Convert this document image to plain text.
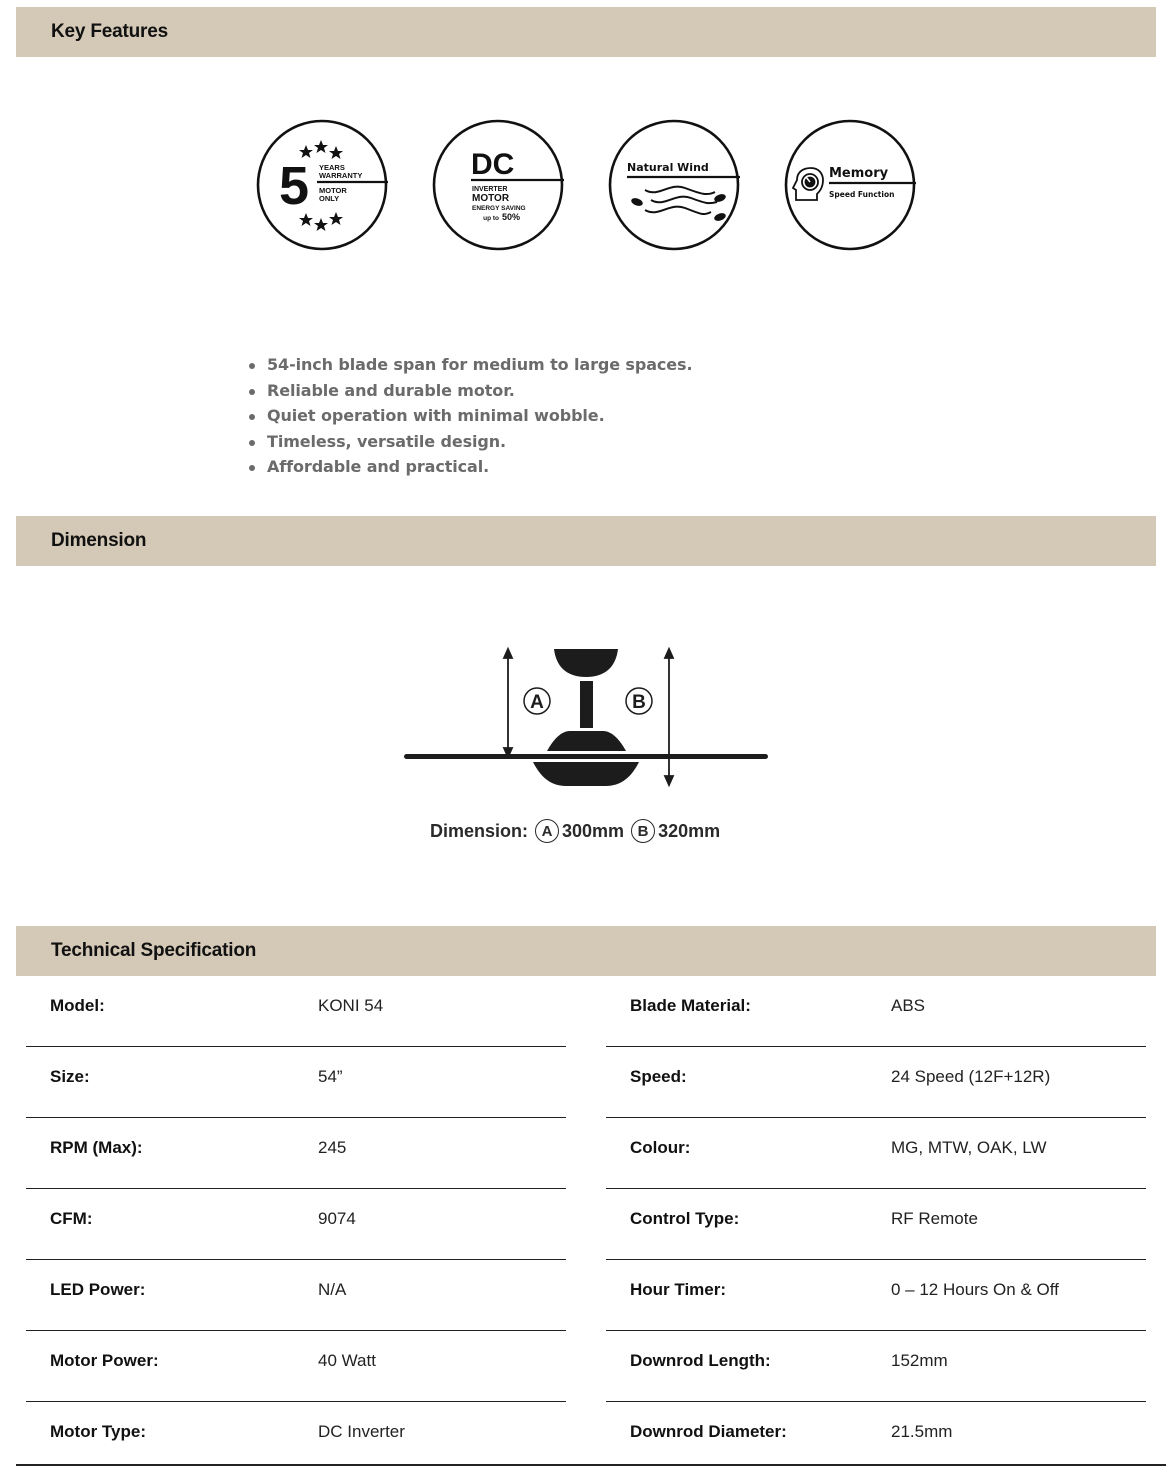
Key Features
5 YEARS
WARRANTY
MOTOR
ONLY
DC
INVERTER
MOTOR
ENERGY SAVING
up to 50%
Natural Wind	Memory
Speed Function
54-inch blade span for medium to large spaces.
Reliable and durable motor.
Quiet operation with minimal wobble.
Timeless, versatile design.
Affordable and practical.
Dimension
A	B
Dimension: A 300mm B 320mm
Technical Specification
Model:	KONI 54
Size:	54”
RPM (Max):	245
CFM:	9074
LED Power:	N/A
Motor Power:	40 Watt
Motor Type:	DC Inverter
Blade Material:	ABS
Speed:	24 Speed (12F+12R)
Colour:	MG, MTW, OAK, LW
Control Type:	RF Remote
Hour Timer:	0 – 12 Hours On & Off
Downrod Length:	152mm
Downrod Diameter:	21.5mm
